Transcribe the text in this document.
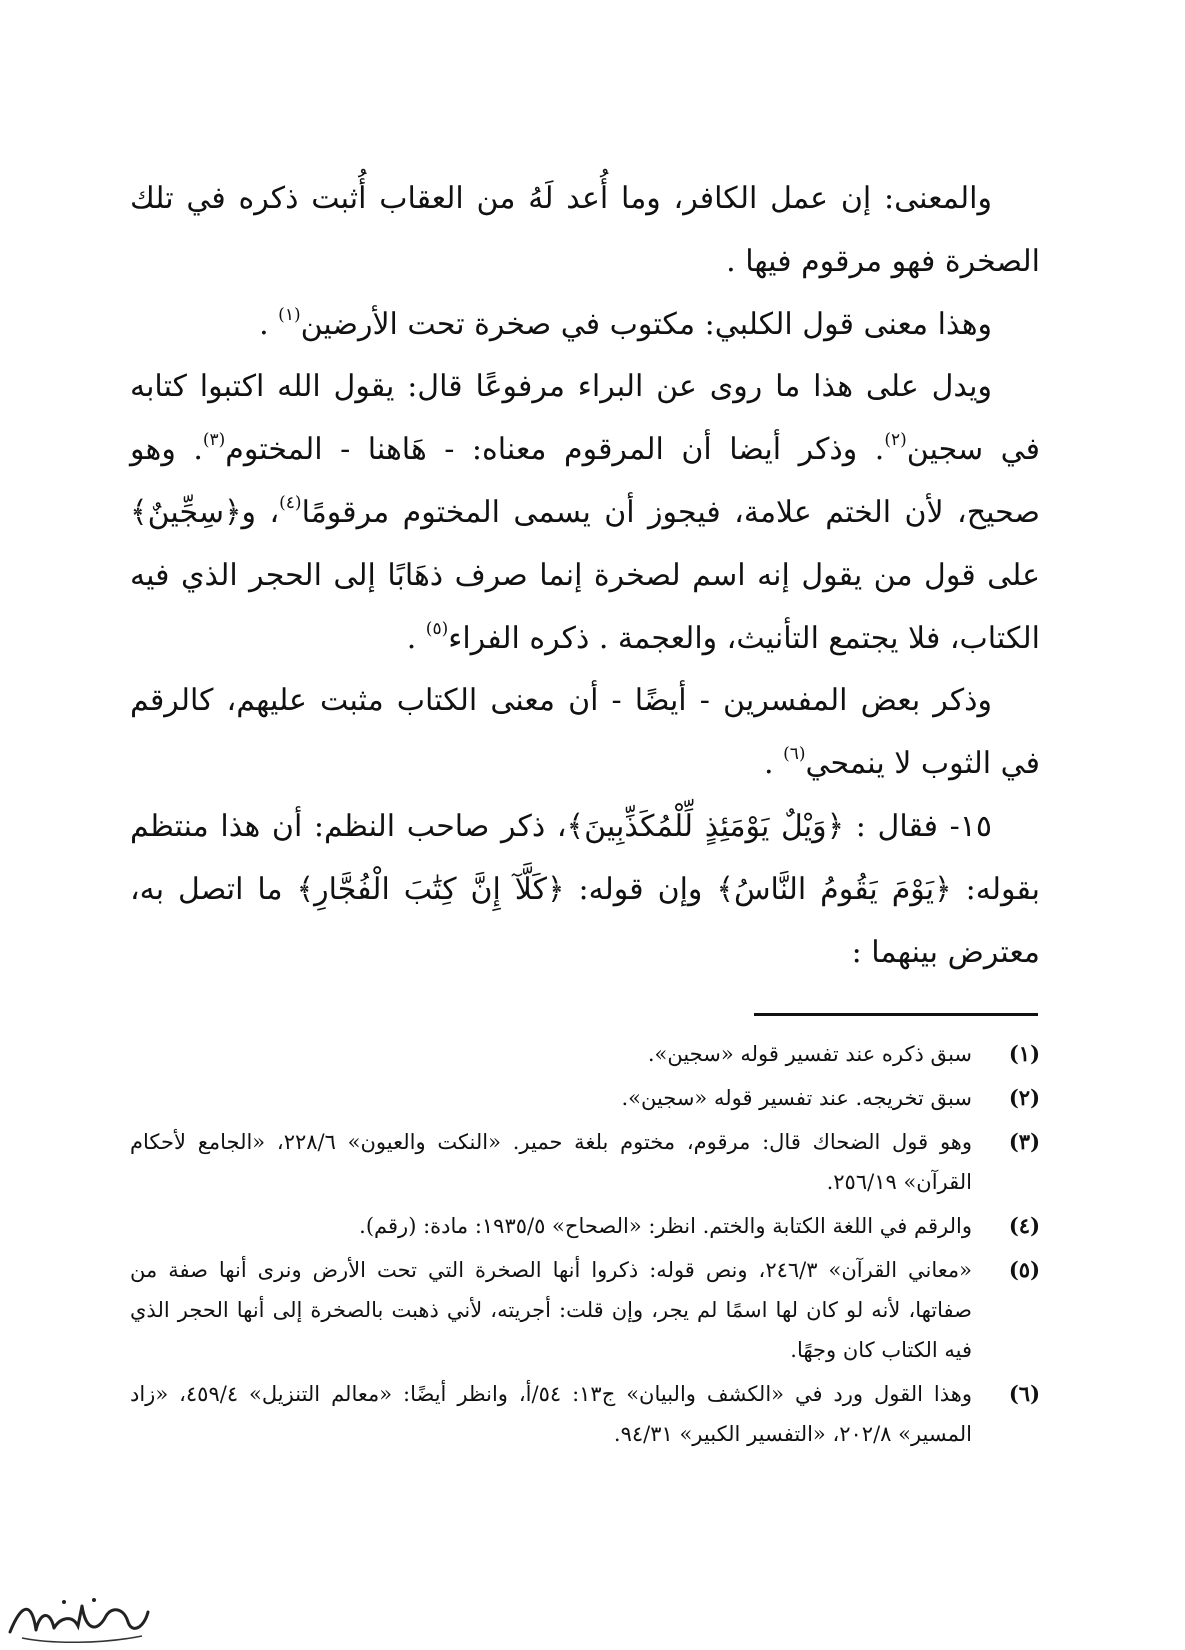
والمعنى: إن عمل الكافر، وما أُعد لَهُ من العقاب أُثبت ذكره في تلك الصخرة فهو مرقوم فيها .

وهذا معنى قول الكلبي: مكتوب في صخرة تحت الأرضين$^{(١)}$ .

ويدل على هذا ما روى عن البراء مرفوعًا قال: يقول الله اكتبوا كتابه في سجين$^{(٢)}$. وذكر أيضا أن المرقوم معناه: - هَاهنا - المختوم$^{(٣)}$. وهو صحيح، لأن الختم علامة، فيجوز أن يسمى المختوم مرقومًا$^{(٤)}$، و﴿سِجِّينٌ﴾ على قول من يقول إنه اسم لصخرة إنما صرف ذهَابًا إلى الحجر الذي فيه الكتاب، فلا يجتمع التأنيث، والعجمة . ذكره الفراء$^{(٥)}$ .

وذكر بعض المفسرين - أيضًا - أن معنى الكتاب مثبت عليهم، كالرقم في الثوب لا ينمحي$^{(٦)}$ .

١٥- فقال : ﴿وَيْلٌ يَوْمَئِذٍ لِّلْمُكَذِّبِينَ﴾، ذكر صاحب النظم: أن هذا منتظم بقوله: ﴿يَوْمَ يَقُومُ النَّاسُ﴾ وإن قوله: ﴿كَلَّآ إِنَّ كِتَٰبَ الْفُجَّارِ﴾ ما اتصل به، معترض بينهما :

(١)
سبق ذكره عند تفسير قوله «سجين».
(٢)
سبق تخريجه. عند تفسير قوله «سجين».
(٣)
وهو قول الضحاك قال: مرقوم، مختوم بلغة حمير. «النكت والعيون» ٢٢٨/٦، «الجامع لأحكام القرآن» ٢٥٦/١٩.
(٤)
والرقم في اللغة الكتابة والختم. انظر: «الصحاح» ١٩٣٥/٥: مادة: (رقم).
(٥)
«معاني القرآن» ٢٤٦/٣، ونص قوله: ذكروا أنها الصخرة التي تحت الأرض ونرى أنها صفة من صفاتها، لأنه لو كان لها اسمًا لم يجر، وإن قلت: أجريته، لأني ذهبت بالصخرة إلى أنها الحجر الذي فيه الكتاب كان وجهًا.
(٦)
وهذا القول ورد في «الكشف والبيان» ج١٣: ٥٤/أ، وانظر أيضًا: «معالم التنزيل» ٤٥٩/٤، «زاد المسير» ٢٠٢/٨، «التفسير الكبير» ٩٤/٣١.
